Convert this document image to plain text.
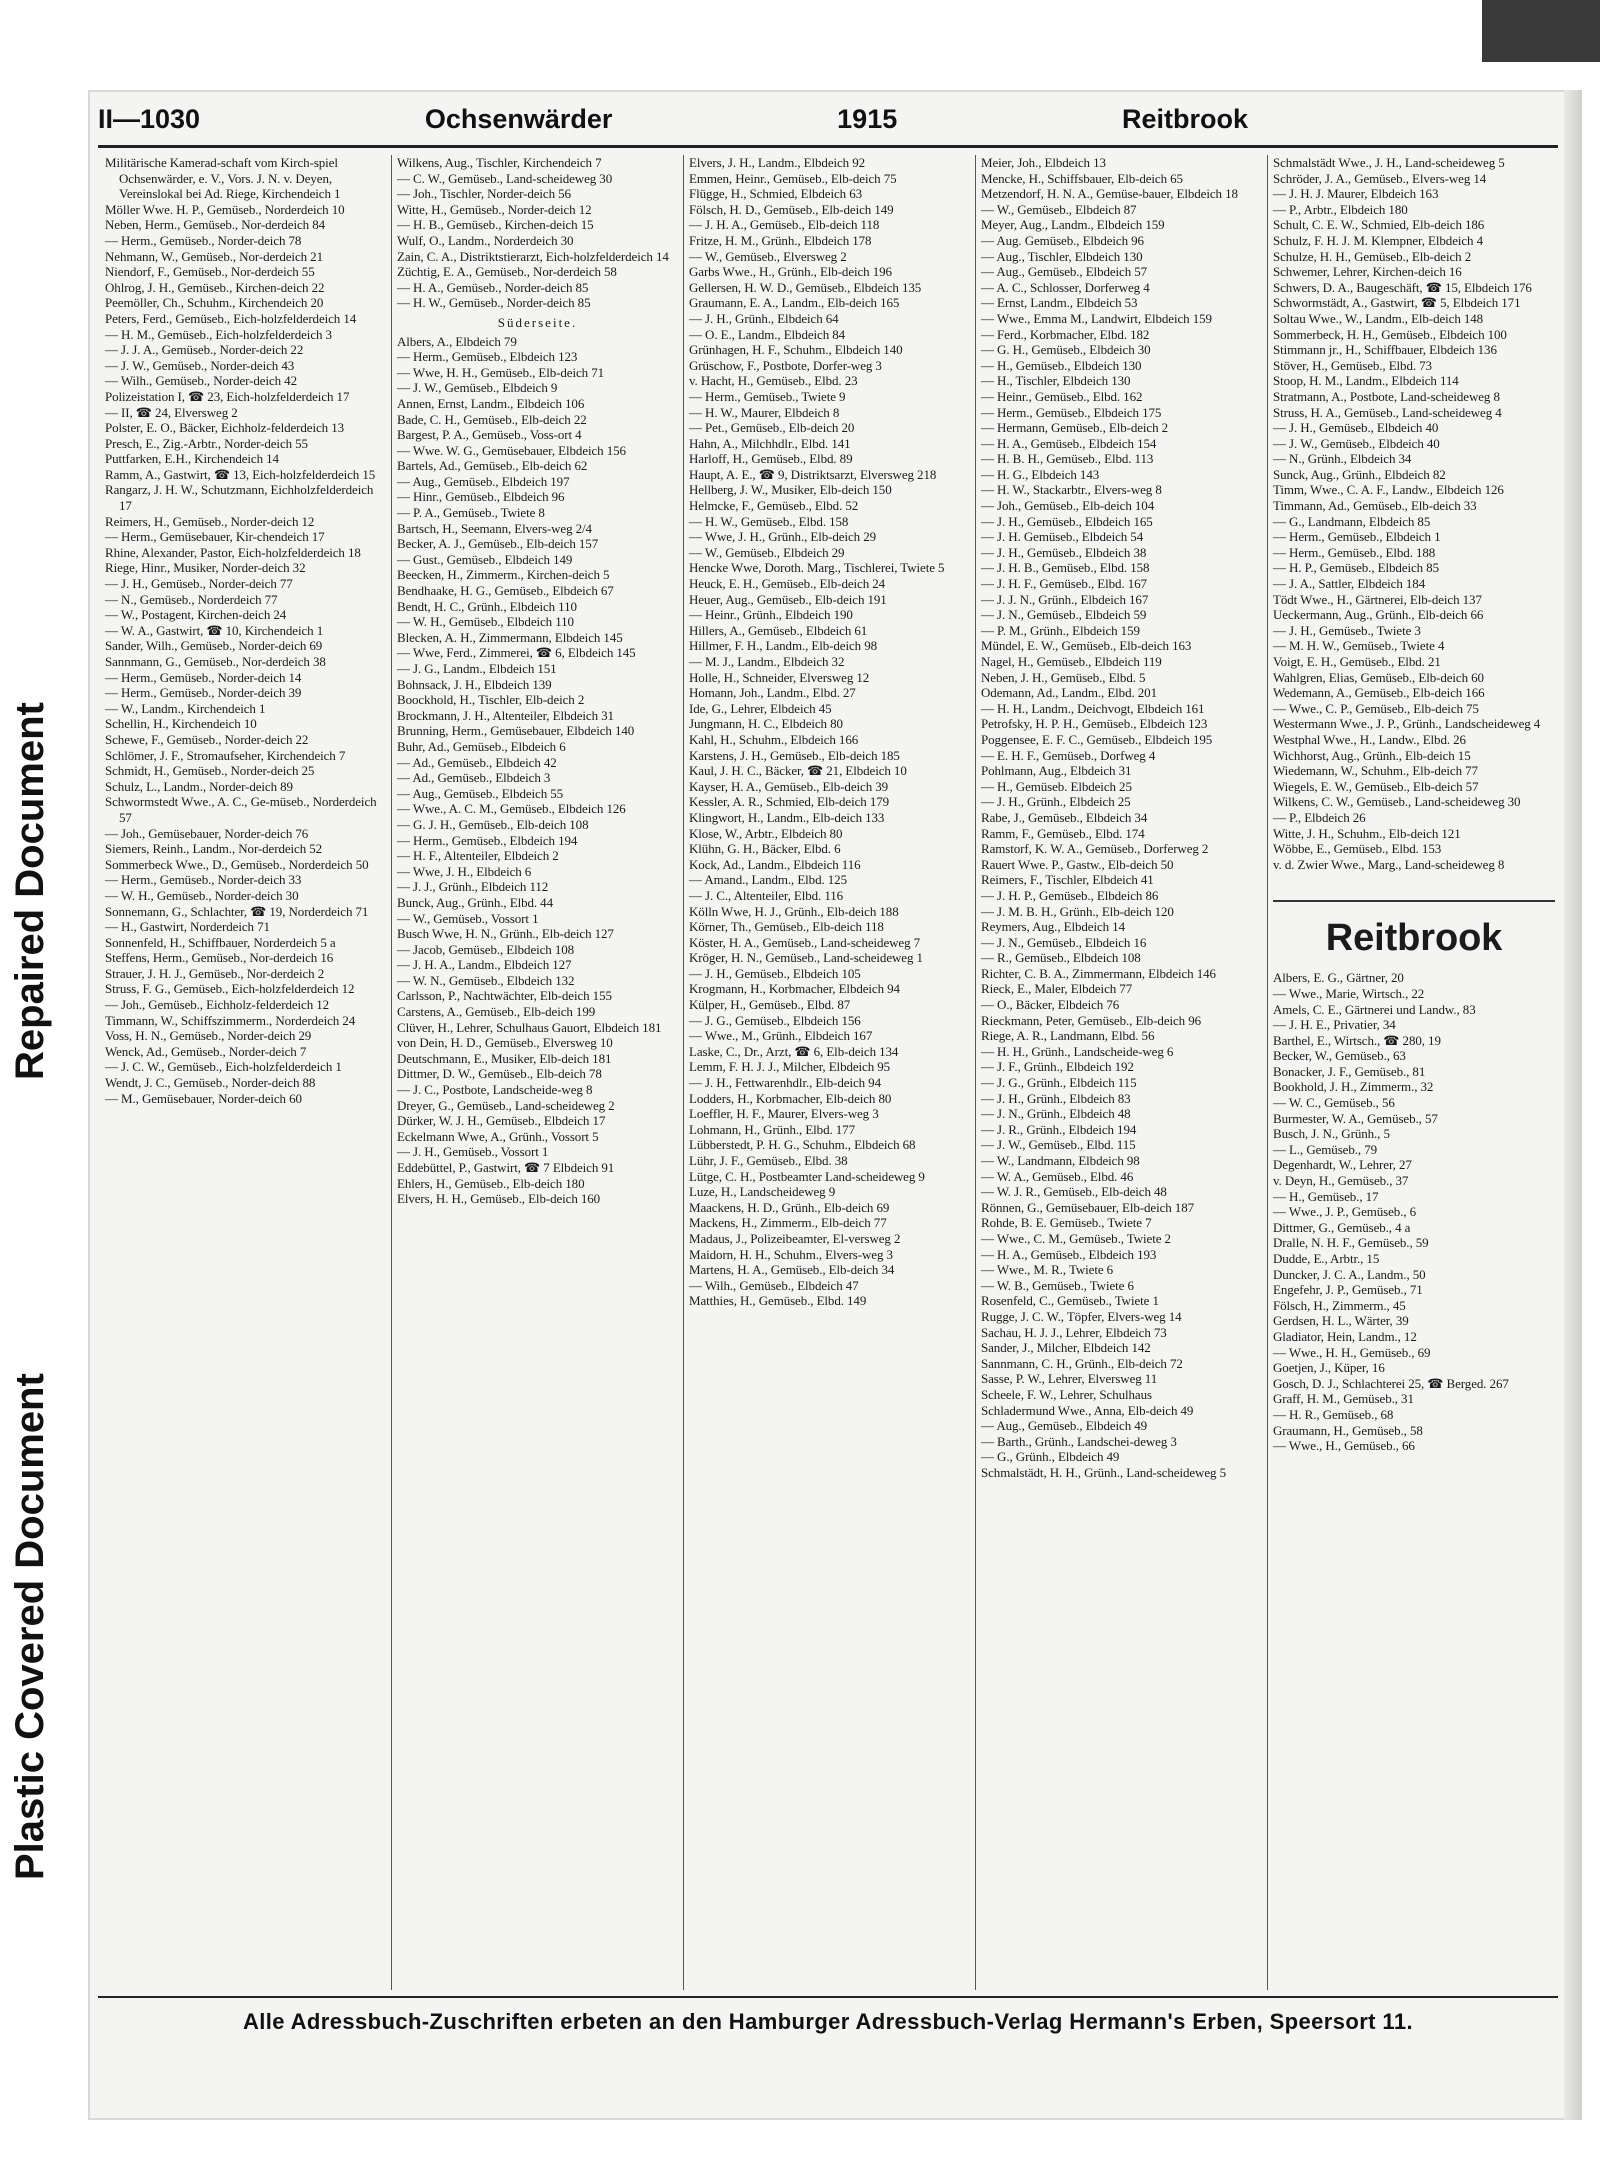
Repaired Document
Plastic Covered Document
II—1030	Ochsenwärder	1915	Reitbrook

Militärische Kamerad-schaft vom Kirch-spiel Ochsenwärder, e. V., Vors. J. N. v. Deyen, Vereinslokal bei Ad. Riege, Kirchendeich 1

Möller Wwe. H. P., Gemüseb., Norderdeich 10

Neben, Herm., Gemüseb., Nor-derdeich 84

— Herm., Gemüseb., Norder-deich 78

Nehmann, W., Gemüseb., Nor-derdeich 21

Niendorf, F., Gemüseb., Nor-derdeich 55

Ohlrog, J. H., Gemüseb., Kirchen-deich 22

Peemöller, Ch., Schuhm., Kirchendeich 20

Peters, Ferd., Gemüseb., Eich-holzfelderdeich 14

— H. M., Gemüseb., Eich-holzfelderdeich 3

— J. J. A., Gemüseb., Norder-deich 22

— J. W., Gemüseb., Norder-deich 43

— Wilh., Gemüseb., Norder-deich 42

Polizeistation I, ☎ 23, Eich-holzfelderdeich 17

— II, ☎ 24, Elversweg 2

Polster, E. O., Bäcker, Eichholz-felderdeich 13

Presch, E., Zig.-Arbtr., Norder-deich 55

Puttfarken, E.H., Kirchendeich 14

Ramm, A., Gastwirt, ☎ 13, Eich-holzfelderdeich 15

Rangarz, J. H. W., Schutzmann, Eichholzfelderdeich 17

Reimers, H., Gemüseb., Norder-deich 12

— Herm., Gemüsebauer, Kir-chendeich 17

Rhine, Alexander, Pastor, Eich-holzfelderdeich 18

Riege, Hinr., Musiker, Norder-deich 32

— J. H., Gemüseb., Norder-deich 77

— N., Gemüseb., Norderdeich 77

— W., Postagent, Kirchen-deich 24

— W. A., Gastwirt, ☎ 10, Kirchendeich 1

Sander, Wilh., Gemüseb., Norder-deich 69

Sannmann, G., Gemüseb., Nor-derdeich 38

— Herm., Gemüseb., Norder-deich 14

— Herm., Gemüseb., Norder-deich 39

— W., Landm., Kirchendeich 1

Schellin, H., Kirchendeich 10

Schewe, F., Gemüseb., Norder-deich 22

Schlömer, J. F., Stromaufseher, Kirchendeich 7

Schmidt, H., Gemüseb., Norder-deich 25

Schulz, L., Landm., Norder-deich 89

Schwormstedt Wwe., A. C., Ge-müseb., Norderdeich 57

— Joh., Gemüsebauer, Norder-deich 76

Siemers, Reinh., Landm., Nor-derdeich 52

Sommerbeck Wwe., D., Gemüseb., Norderdeich 50

— Herm., Gemüseb., Norder-deich 33

— W. H., Gemüseb., Norder-deich 30

Sonnemann, G., Schlachter, ☎ 19, Norderdeich 71

— H., Gastwirt, Norderdeich 71

Sonnenfeld, H., Schiffbauer, Norderdeich 5 a

Steffens, Herm., Gemüseb., Nor-derdeich 16

Strauer, J. H. J., Gemüseb., Nor-derdeich 2

Struss, F. G., Gemüseb., Eich-holzfelderdeich 12

— Joh., Gemüseb., Eichholz-felderdeich 12

Timmann, W., Schiffszimmerm., Norderdeich 24

Voss, H. N., Gemüseb., Norder-deich 29

Wenck, Ad., Gemüseb., Norder-deich 7

— J. C. W., Gemüseb., Eich-holzfelderdeich 1

Wendt, J. C., Gemüseb., Norder-deich 88

— M., Gemüsebauer, Norder-deich 60

Wilkens, Aug., Tischler, Kirchendeich 7

— C. W., Gemüseb., Land-scheideweg 30

— Joh., Tischler, Norder-deich 56

Witte, H., Gemüseb., Norder-deich 12

— H. B., Gemüseb., Kirchen-deich 15

Wulf, O., Landm., Norderdeich 30

Zain, C. A., Distriktstierarzt, Eich-holzfelderdeich 14

Züchtig, E. A., Gemüseb., Nor-derdeich 58

— H. A., Gemüseb., Norder-deich 85

— H. W., Gemüseb., Norder-deich 85

Süderseite.

Albers, A., Elbdeich 79

— Herm., Gemüseb., Elbdeich 123

— Wwe, H. H., Gemüseb., Elb-deich 71

— J. W., Gemüseb., Elbdeich 9

Annen, Ernst, Landm., Elbdeich 106

Bade, C. H., Gemüseb., Elb-deich 22

Bargest, P. A., Gemüseb., Voss-ort 4

— Wwe. W. G., Gemüsebauer, Elbdeich 156

Bartels, Ad., Gemüseb., Elb-deich 62

— Aug., Gemüseb., Elbdeich 197

— Hinr., Gemüseb., Elbdeich 96

— P. A., Gemüseb., Twiete 8

Bartsch, H., Seemann, Elvers-weg 2/4

Becker, A. J., Gemüseb., Elb-deich 157

— Gust., Gemüseb., Elbdeich 149

Beecken, H., Zimmerm., Kirchen-deich 5

Bendhaake, H. G., Gemüseb., Elbdeich 67

Bendt, H. C., Grünh., Elbdeich 110

— W. H., Gemüseb., Elbdeich 110

Blecken, A. H., Zimmermann, Elbdeich 145

— Wwe, Ferd., Zimmerei, ☎ 6, Elbdeich 145

— J. G., Landm., Elbdeich 151

Bohnsack, J. H., Elbdeich 139

Boockhold, H., Tischler, Elb-deich 2

Brockmann, J. H., Altenteiler, Elbdeich 31

Brunning, Herm., Gemüsebauer, Elbdeich 140

Buhr, Ad., Gemüseb., Elbdeich 6

— Ad., Gemüseb., Elbdeich 42

— Ad., Gemüseb., Elbdeich 3

— Aug., Gemüseb., Elbdeich 55

— Wwe., A. C. M., Gemüseb., Elbdeich 126

— G. J. H., Gemüseb., Elb-deich 108

— Herm., Gemüseb., Elbdeich 194

— H. F., Altenteiler, Elbdeich 2

— Wwe, J. H., Elbdeich 6

— J. J., Grünh., Elbdeich 112

Bunck, Aug., Grünh., Elbd. 44

— W., Gemüseb., Vossort 1

Busch Wwe, H. N., Grünh., Elb-deich 127

— Jacob, Gemüseb., Elbdeich 108

— J. H. A., Landm., Elbdeich 127

— W. N., Gemüseb., Elbdeich 132

Carlsson, P., Nachtwächter, Elb-deich 155

Carstens, A., Gemüseb., Elb-deich 199

Clüver, H., Lehrer, Schulhaus Gauort, Elbdeich 181

von Dein, H. D., Gemüseb., Elversweg 10

Deutschmann, E., Musiker, Elb-deich 181

Dittmer, D. W., Gemüseb., Elb-deich 78

— J. C., Postbote, Landscheide-weg 8

Dreyer, G., Gemüseb., Land-scheideweg 2

Dürker, W. J. H., Gemüseb., Elbdeich 17

Eckelmann Wwe, A., Grünh., Vossort 5

— J. H., Gemüseb., Vossort 1

Eddebüttel, P., Gastwirt, ☎ 7 Elbdeich 91

Ehlers, H., Gemüseb., Elb-deich 180

Elvers, H. H., Gemüseb., Elb-deich 160

Elvers, J. H., Landm., Elbdeich 92

Emmen, Heinr., Gemüseb., Elb-deich 75

Flügge, H., Schmied, Elbdeich 63

Fölsch, H. D., Gemüseb., Elb-deich 149

— J. H. A., Gemüseb., Elb-deich 118

Fritze, H. M., Grünh., Elbdeich 178

— W., Gemüseb., Elversweg 2

Garbs Wwe., H., Grünh., Elb-deich 196

Gellersen, H. W. D., Gemüseb., Elbdeich 135

Graumann, E. A., Landm., Elb-deich 165

— J. H., Grünh., Elbdeich 64

— O. E., Landm., Elbdeich 84

Grünhagen, H. F., Schuhm., Elbdeich 140

Grüschow, F., Postbote, Dorfer-weg 3

v. Hacht, H., Gemüseb., Elbd. 23

— Herm., Gemüseb., Twiete 9

— H. W., Maurer, Elbdeich 8

— Pet., Gemüseb., Elb-deich 20

Hahn, A., Milchhdlr., Elbd. 141

Harloff, H., Gemüseb., Elbd. 89

Haupt, A. E., ☎ 9, Distriktsarzt, Elversweg 218

Hellberg, J. W., Musiker, Elb-deich 150

Helmcke, F., Gemüseb., Elbd. 52

— H. W., Gemüseb., Elbd. 158

— Wwe, J. H., Grünh., Elb-deich 29

— W., Gemüseb., Elbdeich 29

Hencke Wwe, Doroth. Marg., Tischlerei, Twiete 5

Heuck, E. H., Gemüseb., Elb-deich 24

Heuer, Aug., Gemüseb., Elb-deich 191

— Heinr., Grünh., Elbdeich 190

Hillers, A., Gemüseb., Elbdeich 61

Hillmer, F. H., Landm., Elb-deich 98

— M. J., Landm., Elbdeich 32

Holle, H., Schneider, Elversweg 12

Homann, Joh., Landm., Elbd. 27

Ide, G., Lehrer, Elbdeich 45

Jungmann, H. C., Elbdeich 80

Kahl, H., Schuhm., Elbdeich 166

Karstens, J. H., Gemüseb., Elb-deich 185

Kaul, J. H. C., Bäcker, ☎ 21, Elbdeich 10

Kayser, H. A., Gemüseb., Elb-deich 39

Kessler, A. R., Schmied, Elb-deich 179

Klingwort, H., Landm., Elb-deich 133

Klose, W., Arbtr., Elbdeich 80

Klühn, G. H., Bäcker, Elbd. 6

Kock, Ad., Landm., Elbdeich 116

— Amand., Landm., Elbd. 125

— J. C., Altenteiler, Elbd. 116

Kölln Wwe, H. J., Grünh., Elb-deich 188

Körner, Th., Gemüseb., Elb-deich 118

Köster, H. A., Gemüseb., Land-scheideweg 7

Kröger, H. N., Gemüseb., Land-scheideweg 1

— J. H., Gemüseb., Elbdeich 105

Krogmann, H., Korbmacher, Elbdeich 94

Külper, H., Gemüseb., Elbd. 87

— J. G., Gemüseb., Elbdeich 156

— Wwe., M., Grünh., Elbdeich 167

Laske, C., Dr., Arzt, ☎ 6, Elb-deich 134

Lemm, F. H. J. J., Milcher, Elbdeich 95

— J. H., Fettwarenhdlr., Elb-deich 94

Lodders, H., Korbmacher, Elb-deich 80

Loeffler, H. F., Maurer, Elvers-weg 3

Lohmann, H., Grünh., Elbd. 177

Lübberstedt, P. H. G., Schuhm., Elbdeich 68

Lühr, J. F., Gemüseb., Elbd. 38

Lütge, C. H., Postbeamter Land-scheideweg 9

Luze, H., Landscheideweg 9

Maackens, H. D., Grünh., Elb-deich 69

Mackens, H., Zimmerm., Elb-deich 77

Madaus, J., Polizeibeamter, El-versweg 2

Maidorn, H. H., Schuhm., Elvers-weg 3

Martens, H. A., Gemüseb., Elb-deich 34

— Wilh., Gemüseb., Elbdeich 47

Matthies, H., Gemüseb., Elbd. 149

Meier, Joh., Elbdeich 13

Mencke, H., Schiffsbauer, Elb-deich 65

Metzendorf, H. N. A., Gemüse-bauer, Elbdeich 18

— W., Gemüseb., Elbdeich 87

Meyer, Aug., Landm., Elbdeich 159

— Aug. Gemüseb., Elbdeich 96

— Aug., Tischler, Elbdeich 130

— Aug., Gemüseb., Elbdeich 57

— A. C., Schlosser, Dorferweg 4

— Ernst, Landm., Elbdeich 53

— Wwe., Emma M., Landwirt, Elbdeich 159

— Ferd., Korbmacher, Elbd. 182

— G. H., Gemüseb., Elbdeich 30

— H., Gemüseb., Elbdeich 130

— H., Tischler, Elbdeich 130

— Heinr., Gemüseb., Elbd. 162

— Herm., Gemüseb., Elbdeich 175

— Hermann, Gemüseb., Elb-deich 2

— H. A., Gemüseb., Elbdeich 154

— H. B. H., Gemüseb., Elbd. 113

— H. G., Elbdeich 143

— H. W., Stackarbtr., Elvers-weg 8

— Joh., Gemüseb., Elb-deich 104

— J. H., Gemüseb., Elbdeich 165

— J. H. Gemüseb., Elbdeich 54

— J. H., Gemüseb., Elbdeich 38

— J. H. B., Gemüseb., Elbd. 158

— J. H. F., Gemüseb., Elbd. 167

— J. J. N., Grünh., Elbdeich 167

— J. N., Gemüseb., Elbdeich 59

— P. M., Grünh., Elbdeich 159

Mündel, E. W., Gemüseb., Elb-deich 163

Nagel, H., Gemüseb., Elbdeich 119

Neben, J. H., Gemüseb., Elbd. 5

Odemann, Ad., Landm., Elbd. 201

— H. H., Landm., Deichvogt, Elbdeich 161

Petrofsky, H. P. H., Gemüseb., Elbdeich 123

Poggensee, E. F. C., Gemüseb., Elbdeich 195

— E. H. F., Gemüseb., Dorfweg 4

Pohlmann, Aug., Elbdeich 31

— H., Gemüseb. Elbdeich 25

— J. H., Grünh., Elbdeich 25

Rabe, J., Gemüseb., Elbdeich 34

Ramm, F., Gemüseb., Elbd. 174

Ramstorf, K. W. A., Gemüseb., Dorferweg 2

Rauert Wwe. P., Gastw., Elb-deich 50

Reimers, F., Tischler, Elbdeich 41

— J. H. P., Gemüseb., Elbdeich 86

— J. M. B. H., Grünh., Elb-deich 120

Reymers, Aug., Elbdeich 14

— J. N., Gemüseb., Elbdeich 16

— R., Gemüseb., Elbdeich 108

Richter, C. B. A., Zimmermann, Elbdeich 146

Rieck, E., Maler, Elbdeich 77

— O., Bäcker, Elbdeich 76

Rieckmann, Peter, Gemüseb., Elb-deich 96

Riege, A. R., Landmann, Elbd. 56

— H. H., Grünh., Landscheide-weg 6

— J. F., Grünh., Elbdeich 192

— J. G., Grünh., Elbdeich 115

— J. H., Grünh., Elbdeich 83

— J. N., Grünh., Elbdeich 48

— J. R., Grünh., Elbdeich 194

— J. W., Gemüseb., Elbd. 115

— W., Landmann, Elbdeich 98

— W. A., Gemüseb., Elbd. 46

— W. J. R., Gemüseb., Elb-deich 48

Rönnen, G., Gemüsebauer, Elb-deich 187

Rohde, B. E. Gemüseb., Twiete 7

— Wwe., C. M., Gemüseb., Twiete 2

— H. A., Gemüseb., Elbdeich 193

— Wwe., M. R., Twiete 6

— W. B., Gemüseb., Twiete 6

Rosenfeld, C., Gemüseb., Twiete 1

Rugge, J. C. W., Töpfer, Elvers-weg 14

Sachau, H. J. J., Lehrer, Elbdeich 73

Sander, J., Milcher, Elbdeich 142

Sannmann, C. H., Grünh., Elb-deich 72

Sasse, P. W., Lehrer, Elversweg 11

Scheele, F. W., Lehrer, Schulhaus

Schladermund Wwe., Anna, Elb-deich 49

— Aug., Gemüseb., Elbdeich 49

— Barth., Grünh., Landschei-deweg 3

— G., Grünh., Elbdeich 49

Schmalstädt, H. H., Grünh., Land-scheideweg 5

Schmalstädt Wwe., J. H., Land-scheideweg 5

Schröder, J. A., Gemüseb., Elvers-weg 14

— J. H. J. Maurer, Elbdeich 163

— P., Arbtr., Elbdeich 180

Schult, C. E. W., Schmied, Elb-deich 186

Schulz, F. H. J. M. Klempner, Elbdeich 4

Schulze, H. H., Gemüseb., Elb-deich 2

Schwemer, Lehrer, Kirchen-deich 16

Schwers, D. A., Baugeschäft, ☎ 15, Elbdeich 176

Schwormstädt, A., Gastwirt, ☎ 5, Elbdeich 171

Soltau Wwe., W., Landm., Elb-deich 148

Sommerbeck, H. H., Gemüseb., Elbdeich 100

Stimmann jr., H., Schiffbauer, Elbdeich 136

Stöver, H., Gemüseb., Elbd. 73

Stoop, H. M., Landm., Elbdeich 114

Stratmann, A., Postbote, Land-scheideweg 8

Struss, H. A., Gemüseb., Land-scheideweg 4

— J. H., Gemüseb., Elbdeich 40

— J. W., Gemüseb., Elbdeich 40

— N., Grünh., Elbdeich 34

Sunck, Aug., Grünh., Elbdeich 82

Timm, Wwe., C. A. F., Landw., Elbdeich 126

Timmann, Ad., Gemüseb., Elb-deich 33

— G., Landmann, Elbdeich 85

— Herm., Gemüseb., Elbdeich 1

— Herm., Gemüseb., Elbd. 188

— H. P., Gemüseb., Elbdeich 85

— J. A., Sattler, Elbdeich 184

Tödt Wwe., H., Gärtnerei, Elb-deich 137

Ueckermann, Aug., Grünh., Elb-deich 66

— J. H., Gemüseb., Twiete 3

— M. H. W., Gemüseb., Twiete 4

Voigt, E. H., Gemüseb., Elbd. 21

Wahlgren, Elias, Gemüseb., Elb-deich 60

Wedemann, A., Gemüseb., Elb-deich 166

— Wwe., C. P., Gemüseb., Elb-deich 75

Westermann Wwe., J. P., Grünh., Landscheideweg 4

Westphal Wwe., H., Landw., Elbd. 26

Wichhorst, Aug., Grünh., Elb-deich 15

Wiedemann, W., Schuhm., Elb-deich 77

Wiegels, E. W., Gemüseb., Elb-deich 57

Wilkens, C. W., Gemüseb., Land-scheideweg 30

— P., Elbdeich 26

Witte, J. H., Schuhm., Elb-deich 121

Wöbbe, E., Gemüseb., Elbd. 153

v. d. Zwier Wwe., Marg., Land-scheideweg 8

Reitbrook

Albers, E. G., Gärtner, 20

— Wwe., Marie, Wirtsch., 22

Amels, C. E., Gärtnerei und Landw., 83

— J. H. E., Privatier, 34

Barthel, E., Wirtsch., ☎ 280, 19

Becker, W., Gemüseb., 63

Bonacker, J. F., Gemüseb., 81

Bookhold, J. H., Zimmerm., 32

— W. C., Gemüseb., 56

Burmester, W. A., Gemüseb., 57

Busch, J. N., Grünh., 5

— L., Gemüseb., 79

Degenhardt, W., Lehrer, 27

v. Deyn, H., Gemüseb., 37

— H., Gemüseb., 17

— Wwe., J. P., Gemüseb., 6

Dittmer, G., Gemüseb., 4 a

Dralle, N. H. F., Gemüseb., 59

Dudde, E., Arbtr., 15

Duncker, J. C. A., Landm., 50

Engefehr, J. P., Gemüseb., 71

Fölsch, H., Zimmerm., 45

Gerdsen, H. L., Wärter, 39

Gladiator, Hein, Landm., 12

— Wwe., H. H., Gemüseb., 69

Goetjen, J., Küper, 16

Gosch, D. J., Schlachterei 25, ☎ Berged. 267

Graff, H. M., Gemüseb., 31

— H. R., Gemüseb., 68

Graumann, H., Gemüseb., 58

— Wwe., H., Gemüseb., 66

Alle Adressbuch-Zuschriften erbeten an den Hamburger Adressbuch-Verlag Hermann's Erben, Speersort 11.
